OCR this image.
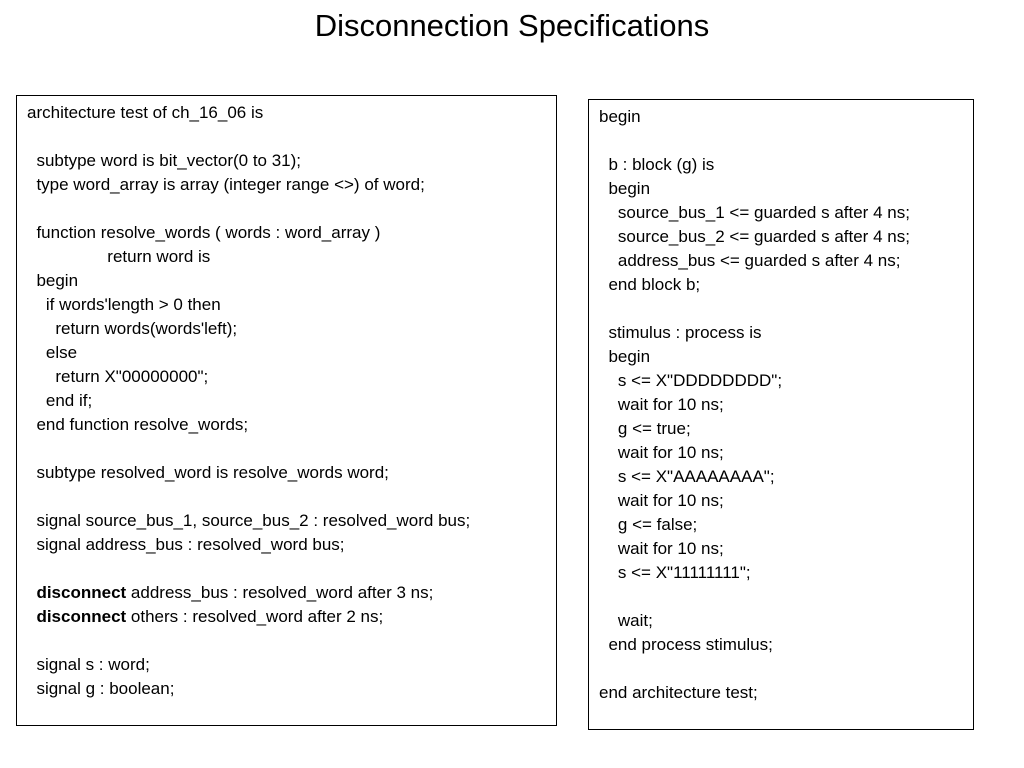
Disconnection Specifications
architecture test of ch_16_06 is
subtype word is bit_vector(0 to 31);
type word_array is array (integer range <>) of word;
function resolve_words ( words : word_array )
return word is
begin
if words'length > 0 then
return words(words'left);
else
return X"00000000";
end if;
end function resolve_words;
subtype resolved_word is resolve_words word;
signal source_bus_1, source_bus_2 : resolved_word bus;
signal address_bus : resolved_word bus;
disconnect address_bus : resolved_word after 3 ns;
disconnect others : resolved_word after 2 ns;
signal s : word;
signal g : boolean;
begin
b : block (g) is
begin
source_bus_1 <= guarded s after 4 ns;
source_bus_2 <= guarded s after 4 ns;
address_bus <= guarded s after 4 ns;
end block b;
stimulus : process is
begin
s <= X"DDDDDDDD";
wait for 10 ns;
g <= true;
wait for 10 ns;
s <= X"AAAAAAAA";
wait for 10 ns;
g <= false;
wait for 10 ns;
s <= X"11111111";
wait;
end process stimulus;
end architecture test;
